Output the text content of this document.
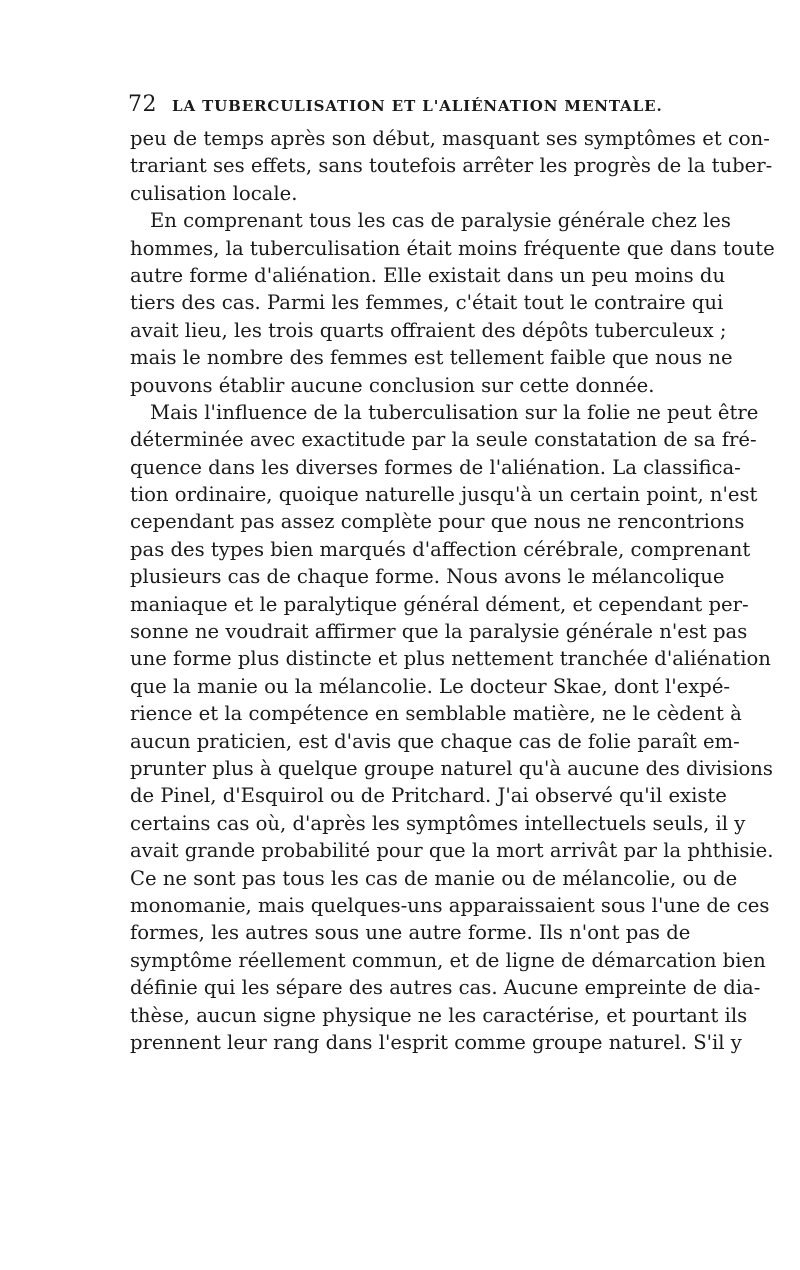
72 LA TUBERCULISATION ET L'ALIÉNATION MENTALE.
peu de temps après son début, masquant ses symptômes et con-
trariant ses effets, sans toutefois arrêter les progrès de la tuber-
culisation locale.
En comprenant tous les cas de paralysie générale chez les
hommes, la tuberculisation était moins fréquente que dans toute
autre forme d'aliénation. Elle existait dans un peu moins du
tiers des cas. Parmi les femmes, c'était tout le contraire qui
avait lieu, les trois quarts offraient des dépôts tuberculeux ;
mais le nombre des femmes est tellement faible que nous ne
pouvons établir aucune conclusion sur cette donnée.
Mais l'influence de la tuberculisation sur la folie ne peut être
déterminée avec exactitude par la seule constatation de sa fré-
quence dans les diverses formes de l'aliénation. La classifica-
tion ordinaire, quoique naturelle jusqu'à un certain point, n'est
cependant pas assez complète pour que nous ne rencontrions
pas des types bien marqués d'affection cérébrale, comprenant
plusieurs cas de chaque forme. Nous avons le mélancolique
maniaque et le paralytique général dément, et cependant per-
sonne ne voudrait affirmer que la paralysie générale n'est pas
une forme plus distincte et plus nettement tranchée d'aliénation
que la manie ou la mélancolie. Le docteur Skae, dont l'expé-
rience et la compétence en semblable matière, ne le cèdent à
aucun praticien, est d'avis que chaque cas de folie paraît em-
prunter plus à quelque groupe naturel qu'à aucune des divisions
de Pinel, d'Esquirol ou de Pritchard. J'ai observé qu'il existe
certains cas où, d'après les symptômes intellectuels seuls, il y
avait grande probabilité pour que la mort arrivât par la phthisie.
Ce ne sont pas tous les cas de manie ou de mélancolie, ou de
monomanie, mais quelques-uns apparaissaient sous l'une de ces
formes, les autres sous une autre forme. Ils n'ont pas de
symptôme réellement commun, et de ligne de démarcation bien
définie qui les sépare des autres cas. Aucune empreinte de dia-
thèse, aucun signe physique ne les caractérise, et pourtant ils
prennent leur rang dans l'esprit comme groupe naturel. S'il y
